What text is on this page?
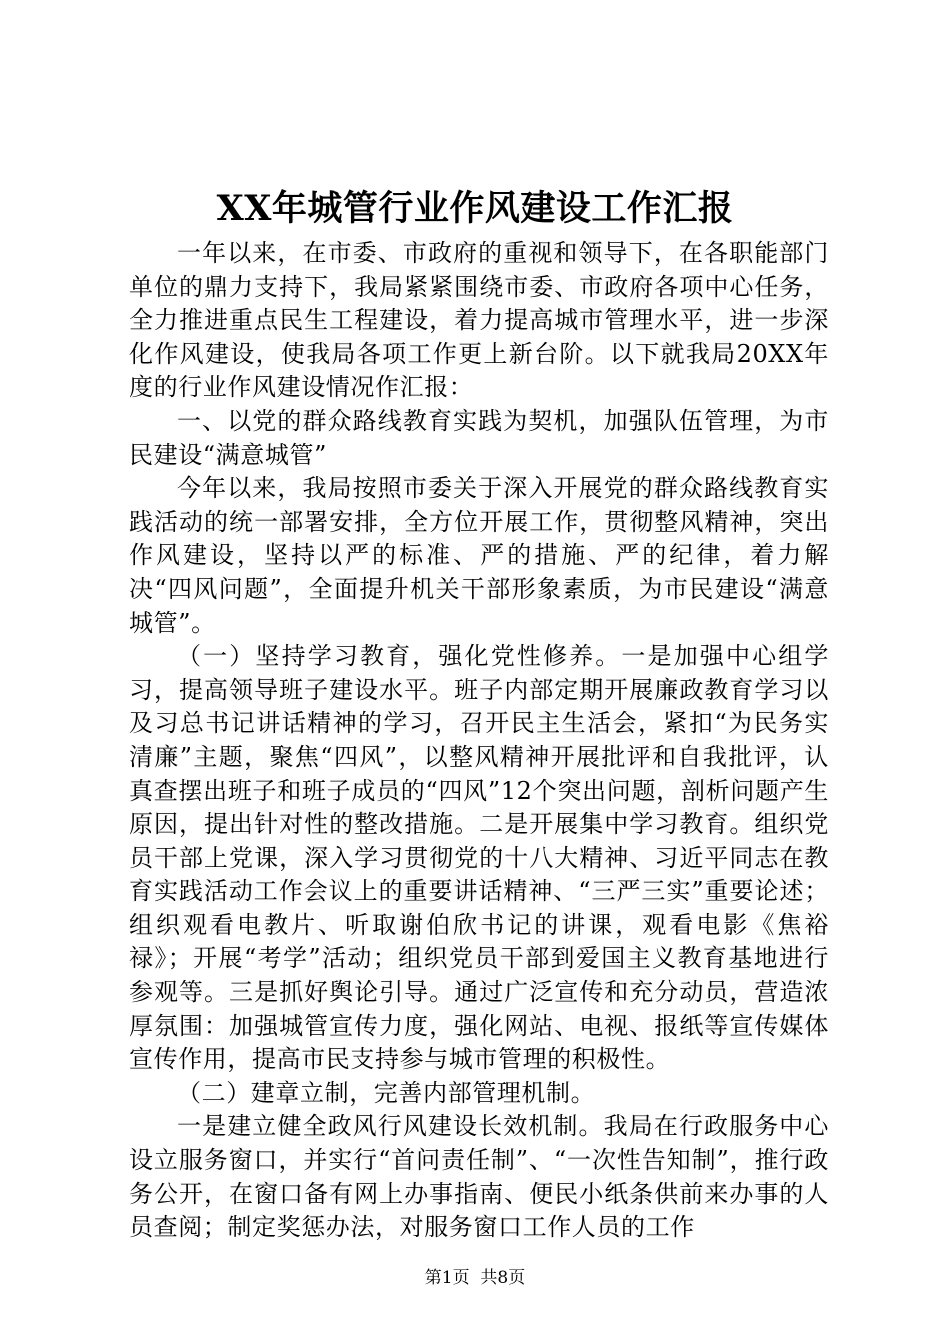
XX年城管行业作风建设工作汇报

一年以来，在市委、市政府的重视和领导下，在各职能部门单位的鼎力支持下，我局紧紧围绕市委、市政府各项中心任务，全力推进重点民生工程建设，着力提高城市管理水平，进一步深化作风建设，使我局各项工作更上新台阶。以下就我局20XX年度的行业作风建设情况作汇报：

一、以党的群众路线教育实践为契机，加强队伍管理，为市民建设“满意城管”

今年以来，我局按照市委关于深入开展党的群众路线教育实践活动的统一部署安排，全方位开展工作，贯彻整风精神，突出作风建设，坚持以严的标准、严的措施、严的纪律，着力解决“四风问题”，全面提升机关干部形象素质，为市民建设“满意城管”。

（一）坚持学习教育，强化党性修养。一是加强中心组学习，提高领导班子建设水平。班子内部定期开展廉政教育学习以及习总书记讲话精神的学习，召开民主生活会，紧扣“为民务实清廉”主题，聚焦“四风”，以整风精神开展批评和自我批评，认真查摆出班子和班子成员的“四风”12个突出问题，剖析问题产生原因，提出针对性的整改措施。二是开展集中学习教育。组织党员干部上党课，深入学习贯彻党的十八大精神、习近平同志在教育实践活动工作会议上的重要讲话精神、“三严三实”重要论述；组织观看电教片、听取谢伯欣书记的讲课，观看电影《焦裕禄》；开展“考学”活动；组织党员干部到爱国主义教育基地进行参观等。三是抓好舆论引导。通过广泛宣传和充分动员，营造浓厚氛围：加强城管宣传力度，强化网站、电视、报纸等宣传媒体宣传作用，提高市民支持参与城市管理的积极性。

（二）建章立制，完善内部管理机制。

一是建立健全政风行风建设长效机制。我局在行政服务中心设立服务窗口，并实行“首问责任制”、“一次性告知制”，推行政务公开，在窗口备有网上办事指南、便民小纸条供前来办事的人员查阅；制定奖惩办法，对服务窗口工作人员的工作

第1页 共8页
